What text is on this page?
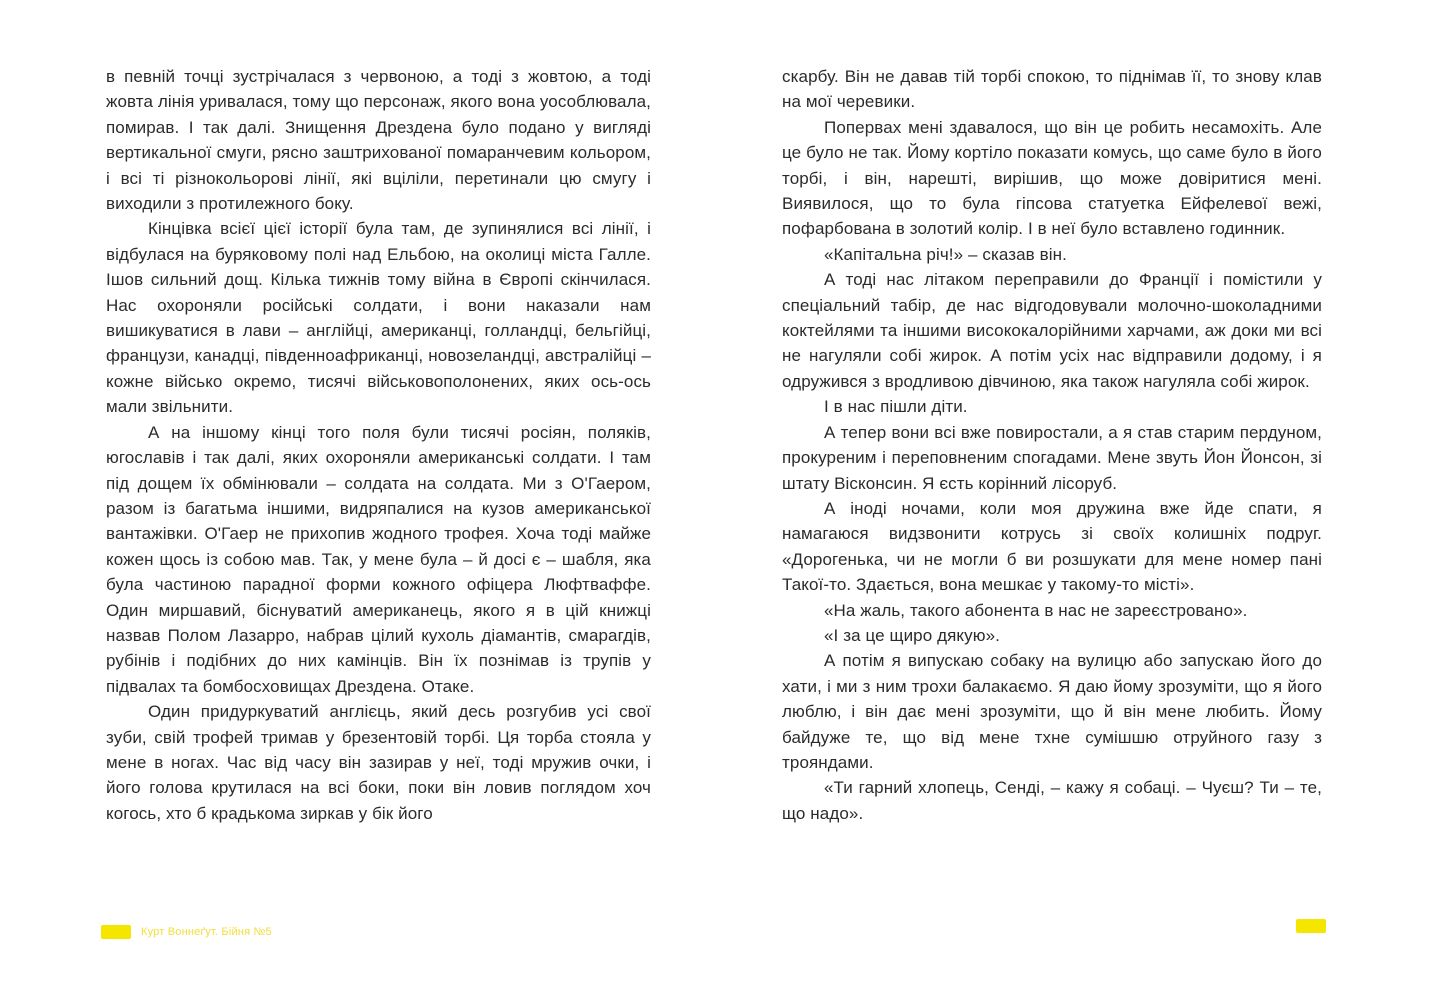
в певній точці зустрічалася з червоною, а тоді з жовтою, а тоді жовта лінія уривалася, тому що персонаж, якого вона уособлювала, помирав. І так далі. Знищення Дрездена було подано у вигляді вертикальної смуги, рясно заштрихованої помаранчевим кольором, і всі ті різнокольорові лінії, які вціліли, перетинали цю смугу і виходили з протилежного боку.

Кінцівка всієї цієї історії була там, де зупинялися всі лінії, і відбулася на буряковому полі над Ельбою, на околиці міста Галле. Ішов сильний дощ. Кілька тижнів тому війна в Європі скінчилася. Нас охороняли російські солдати, і вони наказали нам вишикуватися в лави – англійці, американці, голландці, бельгійці, французи, канадці, південноафриканці, новозеландці, австралійці – кожне військо окремо, тисячі військовополонених, яких ось-ось мали звільнити.

А на іншому кінці того поля були тисячі росіян, поляків, югославів і так далі, яких охороняли американські солдати. І там під дощем їх обмінювали – солдата на солдата. Ми з О'Гаером, разом із багатьма іншими, видряпалися на кузов американської вантажівки. О'Гаер не прихопив жодного трофея. Хоча тоді майже кожен щось із собою мав. Так, у мене була – й досі є – шабля, яка була частиною парадної форми кожного офіцера Люфтваффе. Один миршавий, біснуватий американець, якого я в цій книжці назвав Полом Лазарро, набрав цілий кухоль діамантів, смарагдів, рубінів і подібних до них камінців. Він їх познімав із трупів у підвалах та бомбосховищах Дрездена. Отаке.

Один придуркуватий англієць, який десь розгубив усі свої зуби, свій трофей тримав у брезентовій торбі. Ця торба стояла у мене в ногах. Час від часу він зазирав у неї, тоді мружив очки, і його голова крутилася на всі боки, поки він ловив поглядом хоч когось, хто б крадькома зиркав у бік його

скарбу. Він не давав тій торбі спокою, то піднімав її, то знову клав на мої черевики.

Поперваx мені здавалося, що він це робить несамохіть. Але це було не так. Йому кортіло показати комусь, що саме було в його торбі, і він, нарешті, вирішив, що може довіритися мені. Виявилося, що то була гіпсова статуетка Ейфелевої вежі, пофарбована в золотий колір. І в неї було вставлено годинник.

«Капітальна річ!» – сказав він.

А тоді нас літаком переправили до Франції і помістили у спеціальний табір, де нас відгодовували молочно-шоколадними коктейлями та іншими висококалорійними харчами, аж доки ми всі не нагуляли собі жирок. А потім усіх нас відправили додому, і я одружився з вродливою дівчиною, яка також нагуляла собі жирок.

І в нас пішли діти.

А тепер вони всі вже повиростали, а я став старим пердуном, прокуреним і переповненим спогадами. Мене звуть Йон Йонсон, зі штату Вісконсин. Я єсть корінний лісоруб.

А іноді ночами, коли моя дружина вже йде спати, я намагаюся видзвонити котрусь зі своїх колишніх подруг. «Дорогенька, чи не могли б ви розшукати для мене номер пані Такої-то. Здається, вона мешкає у такому-то місті».

«На жаль, такого абонента в нас не зареєстровано».

«І за це щиро дякую».

А потім я випускаю собаку на вулицю або запускаю його до хати, і ми з ним трохи балакаємо. Я даю йому зрозуміти, що я його люблю, і він дає мені зрозуміти, що й він мене любить. Йому байдуже те, що від мене тхне сумішшю отруйного газу з трояндами.

«Ти гарний хлопець, Сенді, – кажу я собаці. – Чуєш? Ти – те, що надо».

Курт Воннеґут. Бійня №5
